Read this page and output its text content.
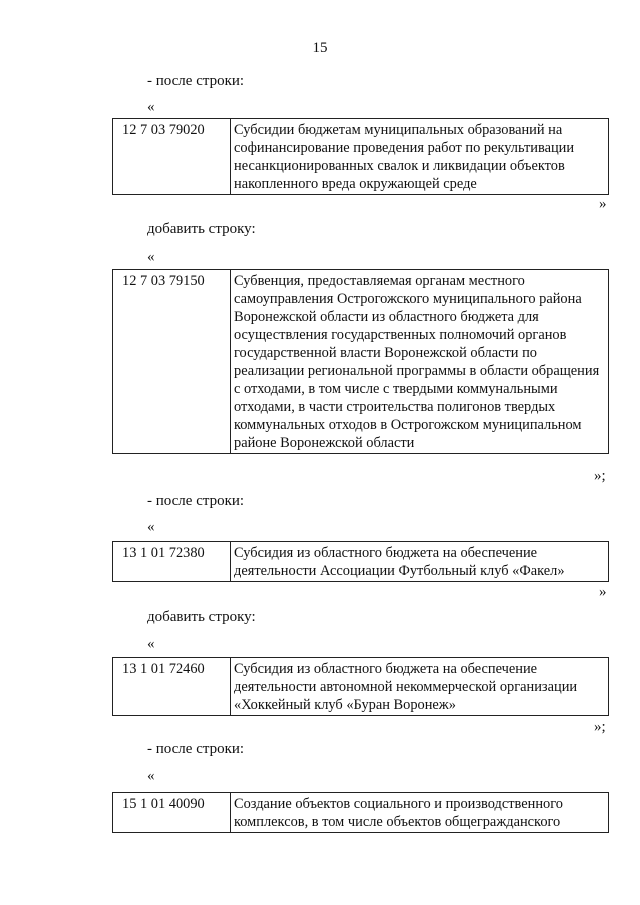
15
- после строки:
«
12 7 03 79020	Субсидии бюджетам муниципальных образований на софинансирование проведения работ по рекультивации несанкционированных свалок и ликвидации объектов накопленного вреда окружающей среде
»
добавить строку:
«
12 7 03 79150	Субвенция, предоставляемая органам местного самоуправления Острогожского муниципального района Воронежской области из областного бюджета для осуществления государственных полномочий органов государственной власти Воронежской области по реализации региональной программы в области обращения с отходами, в том числе с твердыми коммунальными отходами, в части строительства полигонов твердых коммунальных отходов в Острогожском муниципальном районе Воронежской области
»;
- после строки:
«
13 1 01 72380	Субсидия из областного бюджета на обеспечение деятельности Ассоциации Футбольный клуб «Факел»
»
добавить строку:
«
13 1 01 72460	Субсидия из областного бюджета на обеспечение деятельности автономной некоммерческой организации «Хоккейный клуб «Буран Воронеж»
»;
- после строки:
«
15 1 01 40090	Создание объектов социального и производственного комплексов, в том числе объектов общегражданского
